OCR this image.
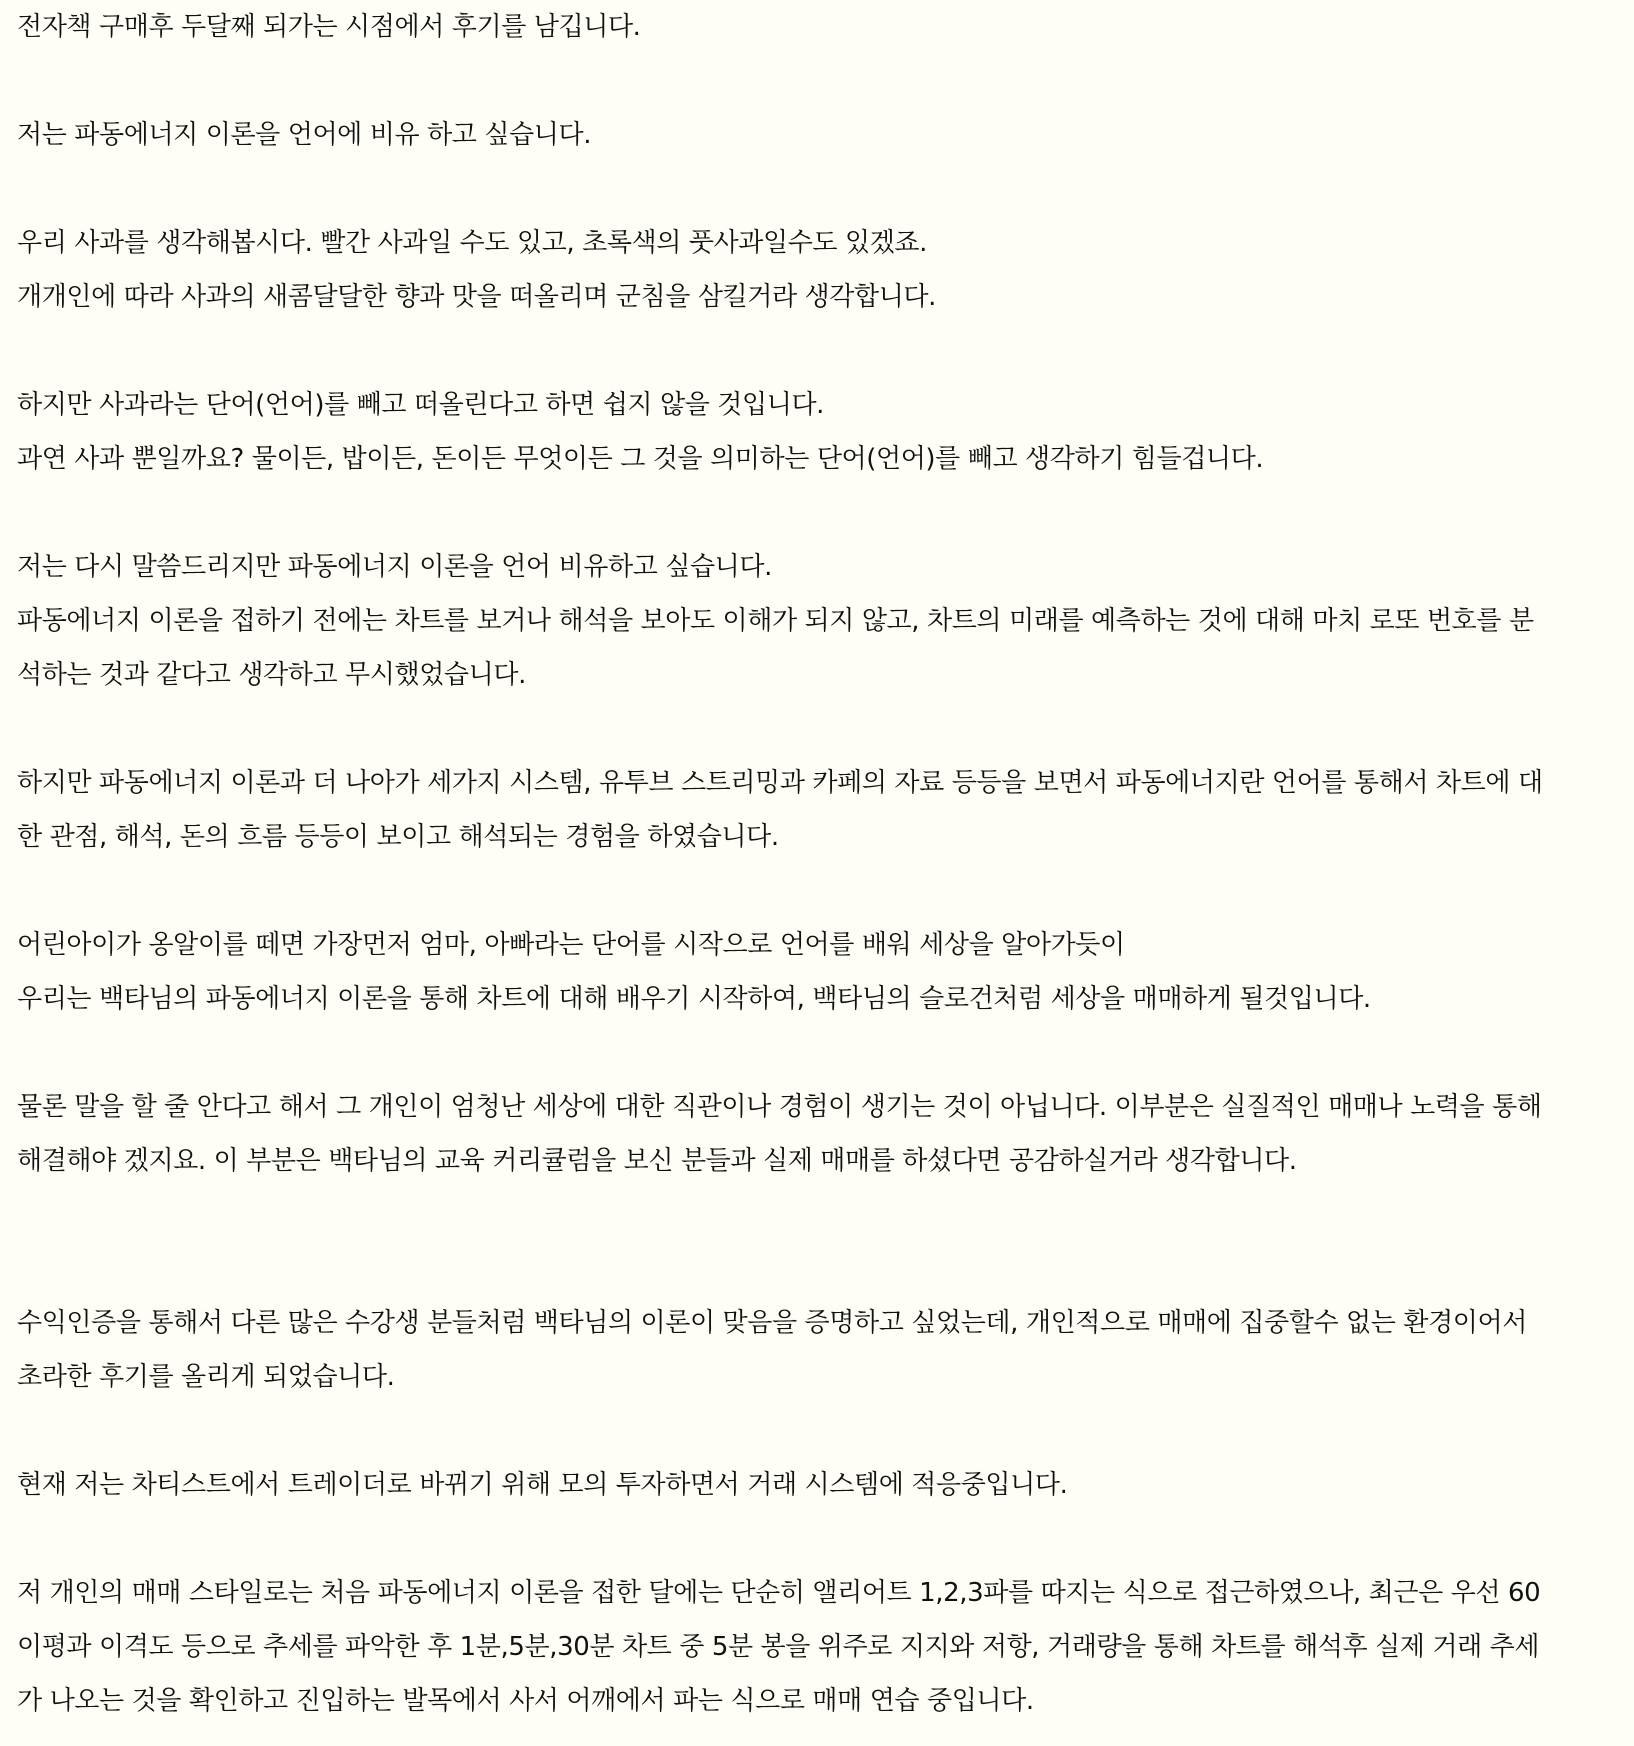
전자책 구매후 두달째 되가는 시점에서 후기를 남깁니다.

저는 파동에너지 이론을 언어에 비유 하고 싶습니다.

우리 사과를 생각해봅시다. 빨간 사과일 수도 있고, 초록색의 풋사과일수도 있겠죠.

개개인에 따라 사과의 새콤달달한 향과 맛을 떠올리며 군침을 삼킬거라 생각합니다.

하지만 사과라는 단어(언어)를 빼고 떠올린다고 하면 쉽지 않을 것입니다.

과연 사과 뿐일까요? 물이든, 밥이든, 돈이든 무엇이든 그 것을 의미하는 단어(언어)를 빼고 생각하기 힘들겁니다.

저는 다시 말씀드리지만 파동에너지 이론을 언어 비유하고 싶습니다.

파동에너지 이론을 접하기 전에는 차트를 보거나 해석을 보아도 이해가 되지 않고, 차트의 미래를 예측하는 것에 대해 마치 로또 번호를 분

석하는 것과 같다고 생각하고 무시했었습니다.

하지만 파동에너지 이론과 더 나아가 세가지 시스템, 유투브 스트리밍과 카페의 자료 등등을 보면서 파동에너지란 언어를 통해서 차트에 대

한 관점, 해석, 돈의 흐름 등등이 보이고 해석되는 경험을 하였습니다.

어린아이가 옹알이를 떼면 가장먼저 엄마, 아빠라는 단어를 시작으로 언어를 배워 세상을 알아가듯이

우리는 백타님의 파동에너지 이론을 통해 차트에 대해 배우기 시작하여, 백타님의 슬로건처럼 세상을 매매하게 될것입니다.

물론 말을 할 줄 안다고 해서 그 개인이 엄청난 세상에 대한 직관이나 경험이 생기는 것이 아닙니다. 이부분은 실질적인 매매나 노력을 통해

해결해야 겠지요. 이 부분은 백타님의 교육 커리큘럼을 보신 분들과 실제 매매를 하셨다면 공감하실거라 생각합니다.

수익인증을 통해서 다른 많은 수강생 분들처럼 백타님의 이론이 맞음을 증명하고 싶었는데, 개인적으로 매매에 집중할수 없는 환경이어서

초라한 후기를 올리게 되었습니다.

현재 저는 차티스트에서 트레이더로 바뀌기 위해 모의 투자하면서 거래 시스템에 적응중입니다.

저 개인의 매매 스타일로는 처음 파동에너지 이론을 접한 달에는 단순히 앨리어트 1,2,3파를 따지는 식으로 접근하였으나, 최근은 우선 60

이평과 이격도 등으로 추세를 파악한 후 1분,5분,30분 차트 중 5분 봉을 위주로 지지와 저항, 거래량을 통해 차트를 해석후 실제 거래 추세

가 나오는 것을 확인하고 진입하는 발목에서 사서 어깨에서 파는 식으로 매매 연습 중입니다.
